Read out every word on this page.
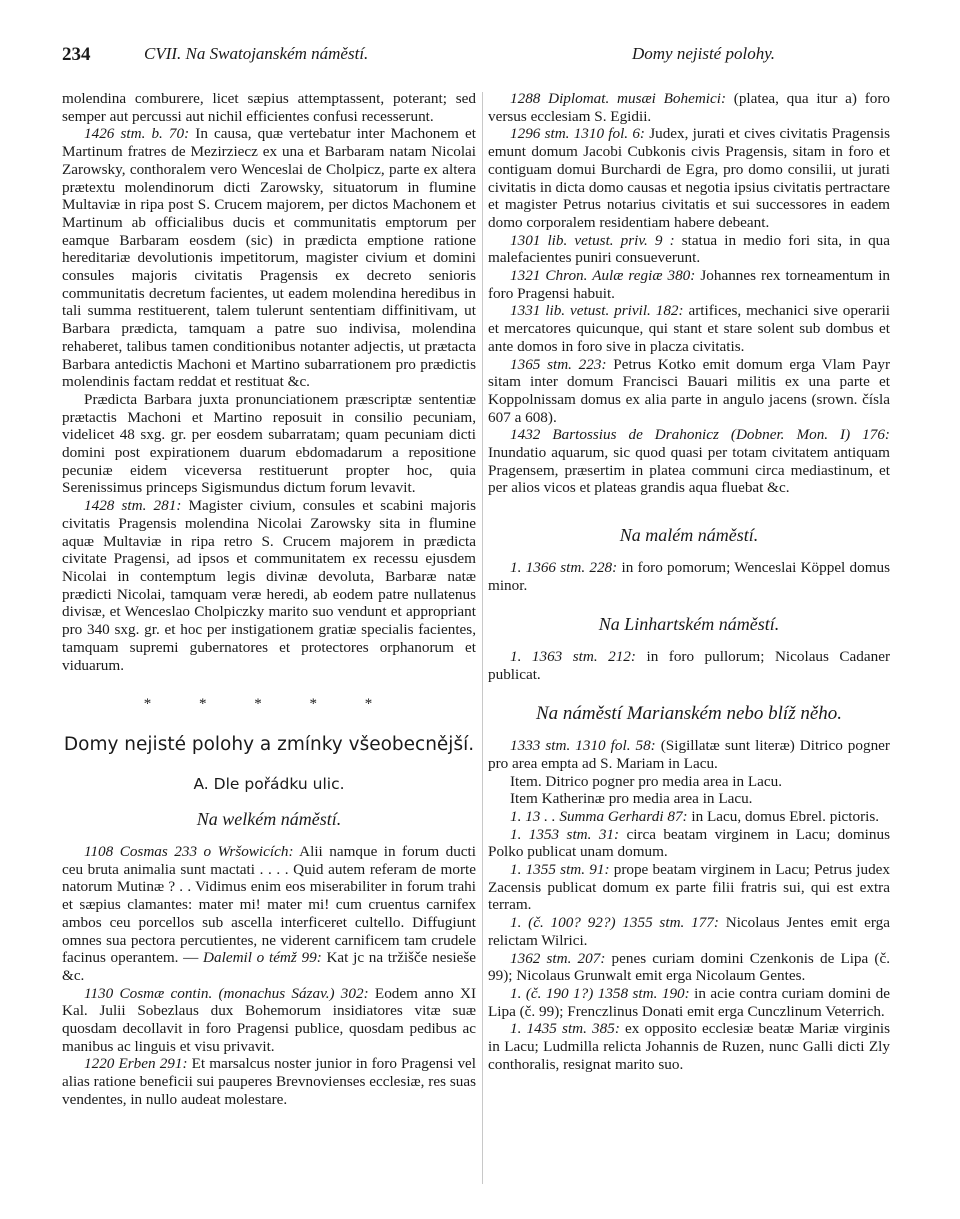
234	CVII. Na Swatojanském náměstí.	Domy nejisté polohy.

molendina comburere, licet sæpius attemptassent, poterant; sed semper aut percussi aut nichil efficientes confusi recesserunt.

1426 stm. b. 70: In causa, quæ vertebatur inter Machonem et Martinum fratres de Mezirziecz ex una et Barbaram natam Nicolai Zarowsky, conthoralem vero Wenceslai de Cholpicz, parte ex altera prætextu molendinorum dicti Zarowsky, situatorum in flumine Multaviæ in ripa post S. Crucem majorem, per dictos Machonem et Martinum ab officialibus ducis et communitatis emptorum per eamque Barbaram eosdem (sic) in prædicta emptione ratione hereditariæ devolutionis impetitorum, magister civium et domini consules majoris civitatis Pragensis ex decreto senioris communitatis decretum facientes, ut eadem molendina heredibus in tali summa restituerent, talem tulerunt sententiam diffinitivam, ut Barbara prædicta, tamquam a patre suo indivisa, molendina rehaberet, talibus tamen conditionibus notanter adjectis, ut prætacta Barbara antedictis Machoni et Martino subarrationem pro prædictis molendinis factam reddat et restituat &c.

Prædicta Barbara juxta pronunciationem præscriptæ sententiæ prætactis Machoni et Martino reposuit in consilio pecuniam, videlicet 48 sxg. gr. per eosdem subarratam; quam pecuniam dicti domini post expirationem duarum ebdomadarum a repositione pecuniæ eidem viceversa restituerunt propter hoc, quia Serenissimus princeps Sigismundus dictum forum levavit.

1428 stm. 281: Magister civium, consules et scabini majoris civitatis Pragensis molendina Nicolai Zarowsky sita in flumine aquæ Multaviæ in ripa retro S. Crucem majorem in prædicta civitate Pragensi, ad ipsos et communitatem ex recessu ejusdem Nicolai in contemptum legis divinæ devoluta, Barbaræ natæ prædicti Nicolai, tamquam veræ heredi, ab eodem patre nullatenus divisæ, et Wenceslao Cholpiczky marito suo vendunt et appropriant pro 340 sxg. gr. et hoc per instigationem gratiæ specialis facientes, tamquam supremi gubernatores et protectores orphanorum et viduarum.

* * * * *

Domy nejisté polohy a zmínky všeobecnější.

A. Dle pořádku ulic.

Na welkém náměstí.

1108 Cosmas 233 o Wršowicích: Alii namque in forum ducti ceu bruta animalia sunt mactati . . . . Quid autem referam de morte natorum Mutinæ ? . . Vidimus enim eos miserabiliter in forum trahi et sæpius clamantes: mater mi! mater mi! cum cruentus carnifex ambos ceu porcellos sub ascella interficeret cultello. Diffugiunt omnes sua pectora percutientes, ne viderent carnificem tam crudele facinus operantem. — Dalemil o témž 99: Kat jc na tržišče nesieše &c.

1130 Cosmæ contin. (monachus Sázav.) 302: Eodem anno XI Kal. Julii Sobezlaus dux Bohemorum insidiatores vitæ suæ quosdam decollavit in foro Pragensi publice, quosdam pedibus ac manibus ac linguis et visu privavit.

1220 Erben 291: Et marsalcus noster junior in foro Pragensi vel alias ratione beneficii sui pauperes Brevnovienses ecclesiæ, res suas vendentes, in nullo audeat molestare.

1288 Diplomat. musæi Bohemici: (platea, qua itur a) foro versus ecclesiam S. Egidii.

1296 stm. 1310 fol. 6: Judex, jurati et cives civitatis Pragensis emunt domum Jacobi Cubkonis civis Pragensis, sitam in foro et contiguam domui Burchardi de Egra, pro domo consilii, ut jurati civitatis in dicta domo causas et negotia ipsius civitatis pertractare et magister Petrus notarius civitatis et sui successores in eadem domo corporalem residentiam habere debeant.

1301 lib. vetust. priv. 9 : statua in medio fori sita, in qua malefacientes puniri consueverunt.

1321 Chron. Aulæ regiæ 380: Johannes rex torneamentum in foro Pragensi habuit.

1331 lib. vetust. privil. 182: artifices, mechanici sive operarii et mercatores quicunque, qui stant et stare solent sub dombus et ante domos in foro sive in placza civitatis.

1365 stm. 223: Petrus Kotko emit domum erga Vlam Payr sitam inter domum Francisci Bauari militis ex una parte et Koppolnissam domus ex alia parte in angulo jacens (srown. čísla 607 a 608).

1432 Bartossius de Drahonicz (Dobner. Mon. I) 176: Inundatio aquarum, sic quod quasi per totam civitatem antiquam Pragensem, præsertim in platea communi circa mediastinum, et per alios vicos et plateas grandis aqua fluebat &c.

Na malém náměstí.

1. 1366 stm. 228: in foro pomorum; Wenceslai Köppel domus minor.

Na Linhartském náměstí.

1. 1363 stm. 212: in foro pullorum; Nicolaus Cadaner publicat.

Na náměstí Marianském nebo blíž něho.

1333 stm. 1310 fol. 58: (Sigillatæ sunt literæ) Ditrico pogner pro area empta ad S. Mariam in Lacu.

Item. Ditrico pogner pro media area in Lacu.

Item Katherinæ pro media area in Lacu.

1. 13 . . Summa Gerhardi 87: in Lacu, domus Ebrel. pictoris.

1. 1353 stm. 31: circa beatam virginem in Lacu; dominus Polko publicat unam domum.

1. 1355 stm. 91: prope beatam virginem in Lacu; Petrus judex Zacensis publicat domum ex parte filii fratris sui, qui est extra terram.

1. (č. 100? 92?) 1355 stm. 177: Nicolaus Jentes emit erga relictam Wilrici.

1362 stm. 207: penes curiam domini Czenkonis de Lipa (č. 99); Nicolaus Grunwalt emit erga Nicolaum Gentes.

1. (č. 190 1?) 1358 stm. 190: in acie contra curiam domini de Lipa (č. 99); Frenczlinus Donati emit erga Cunczlinum Veterrich.

1. 1435 stm. 385: ex opposito ecclesiæ beatæ Mariæ virginis in Lacu; Ludmilla relicta Johannis de Ruzen, nunc Galli dicti Zly conthoralis, resignat marito suo.
